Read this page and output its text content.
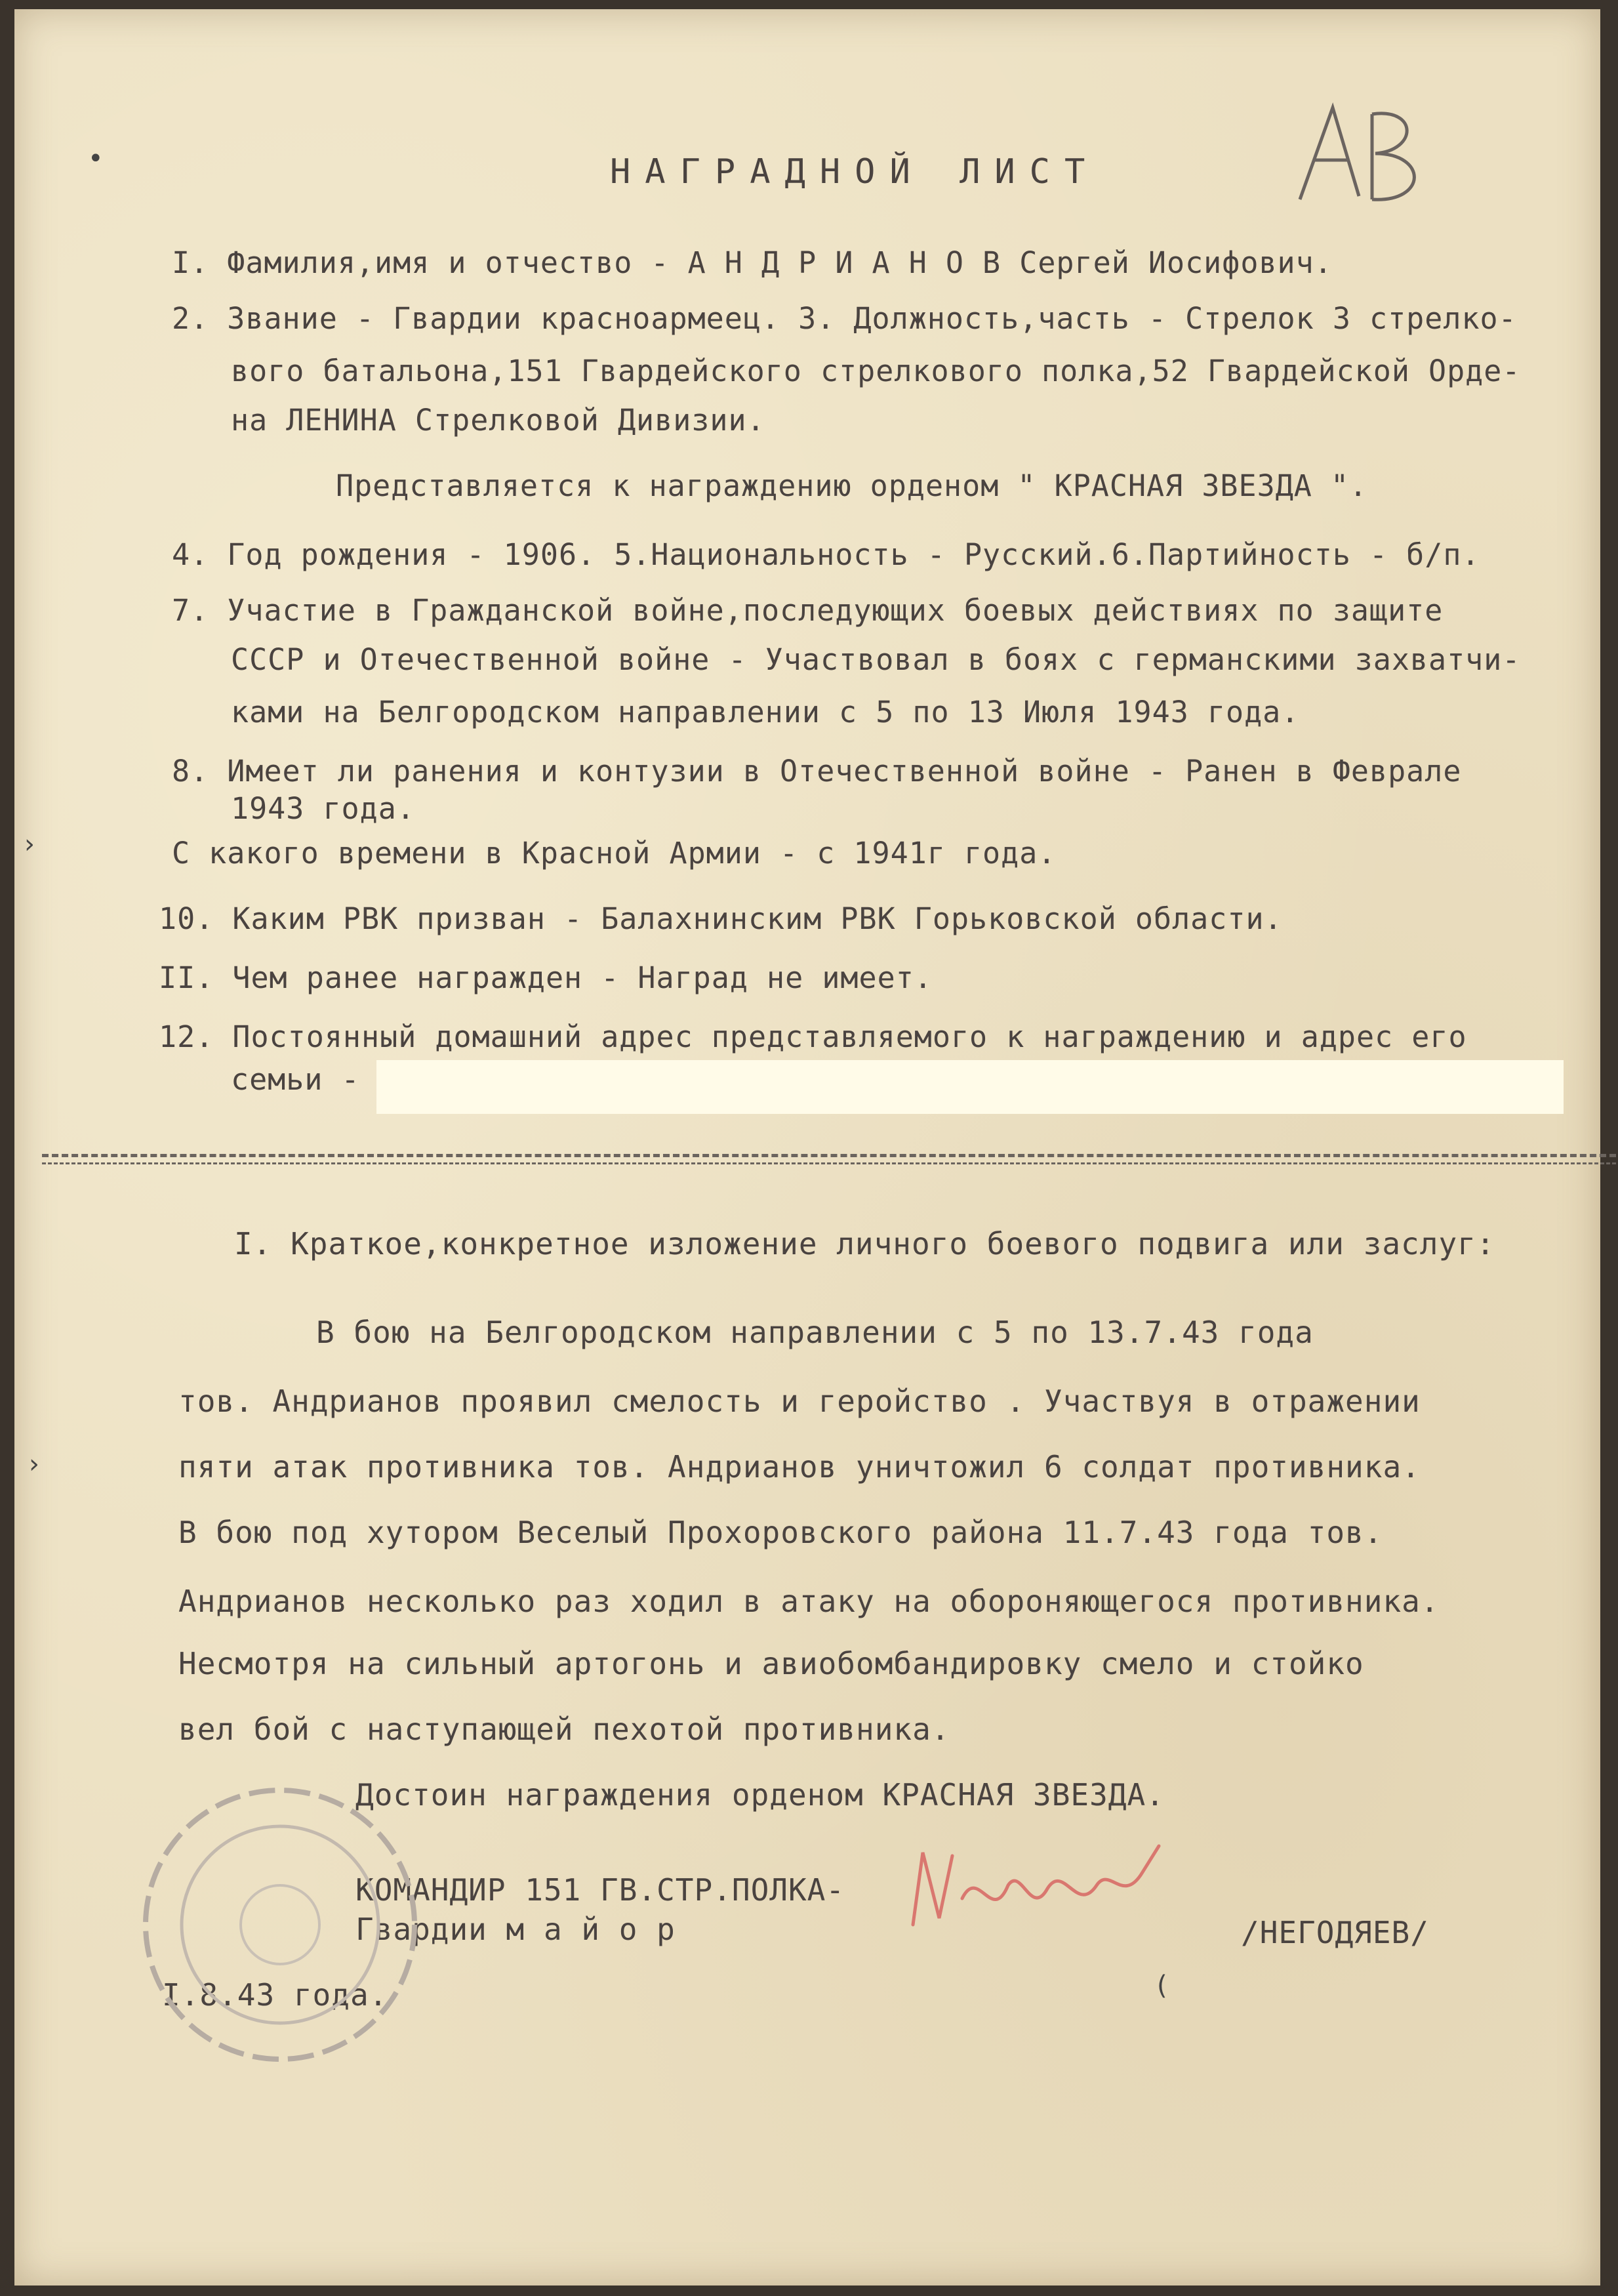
НАГРАДНОЙ ЛИСТ
I. Фамилия,имя и отчество - А Н Д Р И А Н О В Сергей Иосифович.
2. Звание - Гвардии красноармеец. 3. Должность,часть - Стрелок 3 стрелко-
вого батальона,151 Гвардейского стрелкового полка,52 Гвардейской Орде-
на ЛЕНИНА Стрелковой Дивизии.
Представляется к награждению орденом " КРАСНАЯ ЗВЕЗДА ".
4. Год рождения - 1906. 5.Национальность - Русский.6.Партийность - б/п.
7. Участие в Гражданской войне,последующих боевых действиях по защите
СССР и Отечественной войне - Участвовал в боях с германскими захватчи-
ками на Белгородском направлении с 5 по 13 Июля 1943 года.
8. Имеет ли ранения и контузии в Отечественной войне - Ранен в Феврале
1943 года.
С какого времени в Красной Армии - с 1941г года.
10. Каким РВК призван - Балахнинским РВК Горьковской области.
II. Чем ранее награжден - Наград не имеет.
12. Постоянный домашний адрес представляемого к награждению и адрес его
семьи -
I. Краткое,конкретное изложение личного боевого подвига или заслуг:
В бою на Белгородском направлении с 5 по 13.7.43 года
тов. Андрианов проявил смелость и геройство . Участвуя в отражении
пяти атак противника тов. Андрианов уничтожил 6 солдат противника.
В бою под хутором Веселый Прохоровского района 11.7.43 года тов.
Андрианов несколько раз ходил в атаку на обороняющегося противника.
Несмотря на сильный артогонь и авиобомбандировку смело и стойко
вел бой с наступающей пехотой противника.
Достоин награждения орденом КРАСНАЯ ЗВЕЗДА.
КОМАНДИР 151 ГВ.СТР.ПОЛКА-
Гвардии м а й о р	/НЕГОДЯЕВ/
I.8.43 года.
•
›
›
(
